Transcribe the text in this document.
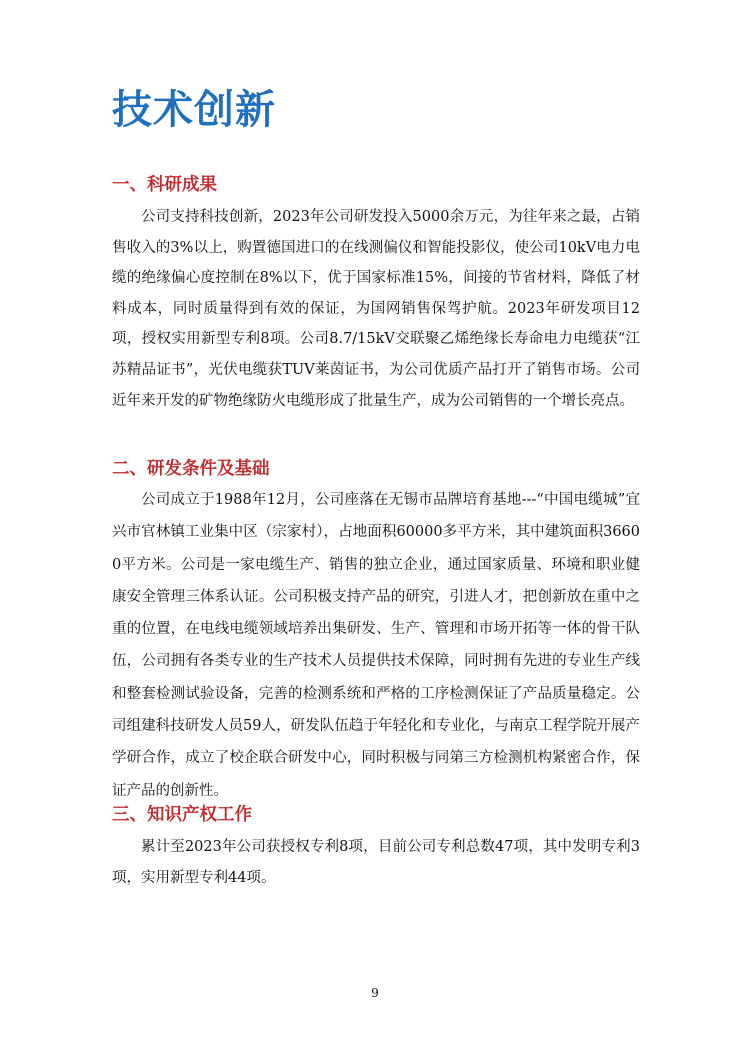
技术创新
一、科研成果

公司支持科技创新，2023年公司研发投入5000余万元，为往年来之最，占销售收入的3%以上，购置德国进口的在线测偏仪和智能投影仪，使公司10kV电力电缆的绝缘偏心度控制在8%以下，优于国家标准15%，间接的节省材料，降低了材料成本，同时质量得到有效的保证，为国网销售保驾护航。2023年研发项目12项，授权实用新型专利8项。公司8.7/15kV交联聚乙烯绝缘长寿命电力电缆获“江苏精品证书”，光伏电缆获TUV莱茵证书，为公司优质产品打开了销售市场。公司近年来开发的矿物绝缘防火电缆形成了批量生产，成为公司销售的一个增长亮点。

二、研发条件及基础

公司成立于1988年12月，公司座落在无锡市品牌培育基地---“中国电缆城”宜兴市官林镇工业集中区（宗家村），占地面积60000多平方米，其中建筑面积36600平方米。公司是一家电缆生产、销售的独立企业，通过国家质量、环境和职业健康安全管理三体系认证。公司积极支持产品的研究，引进人才，把创新放在重中之重的位置，在电线电缆领域培养出集研发、生产、管理和市场开拓等一体的骨干队伍，公司拥有各类专业的生产技术人员提供技术保障，同时拥有先进的专业生产线和整套检测试验设备，完善的检测系统和严格的工序检测保证了产品质量稳定。公司组建科技研发人员59人，研发队伍趋于年轻化和专业化，与南京工程学院开展产学研合作，成立了校企联合研发中心，同时积极与同第三方检测机构紧密合作，保证产品的创新性。

三、知识产权工作

累计至2023年公司获授权专利8项，目前公司专利总数47项，其中发明专利3项，实用新型专利44项。

9
